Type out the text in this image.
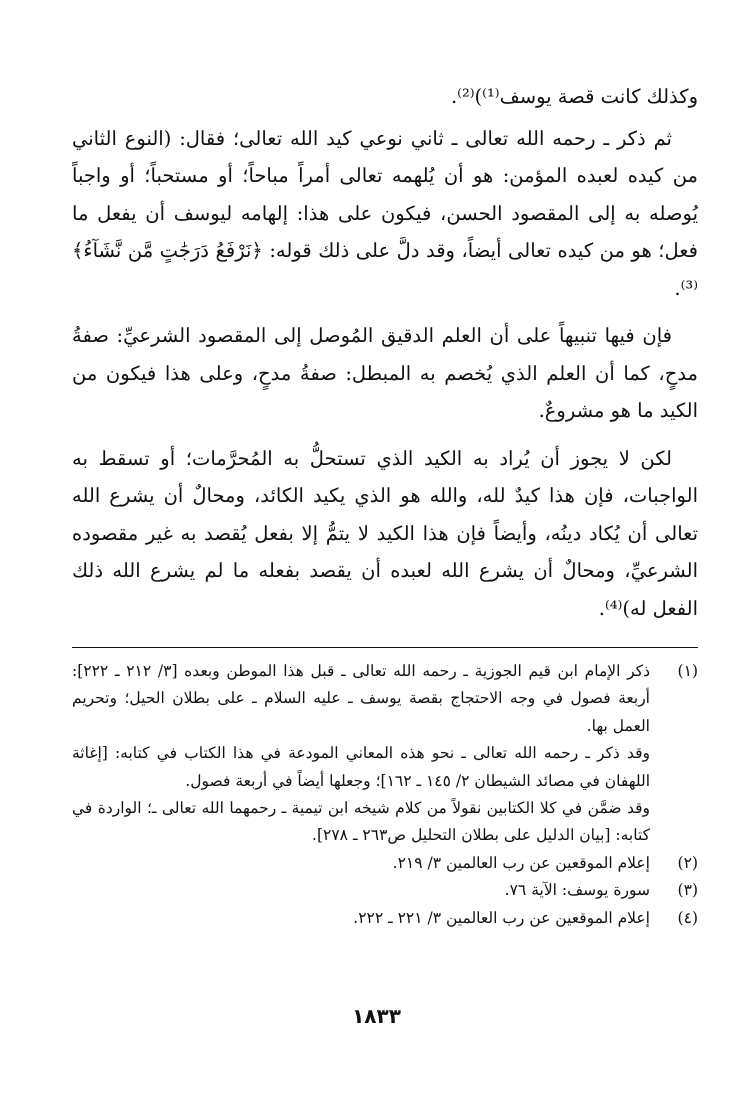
وكذلك كانت قصة يوسف⁽¹⁾)⁽²⁾.

ثم ذكر ـ رحمه الله تعالى ـ ثاني نوعي كيد الله تعالى؛ فقال: (النوع الثاني من كيده لعبده المؤمن: هو أن يُلهمه تعالى أمراً مباحاً؛ أو مستحباً؛ أو واجباً يُوصله به إلى المقصود الحسن، فيكون على هذا: إلهامه ليوسف أن يفعل ما فعل؛ هو من كيده تعالى أيضاً، وقد دلَّ على ذلك قوله: ﴿نَرْفَعُ دَرَجَٰتٍ مَّن نَّشَآءُ﴾⁽³⁾.

فإن فيها تنبيهاً على أن العلم الدقيق المُوصل إلى المقصود الشرعيِّ: صفةُ مدحٍ، كما أن العلم الذي يُخصم به المبطل: صفةُ مدحٍ، وعلى هذا فيكون من الكيد ما هو مشروعٌ.

لكن لا يجوز أن يُراد به الكيد الذي تستحلُّ به المُحرَّمات؛ أو تسقط به الواجبات، فإن هذا كيدٌ لله، والله هو الذي يكيد الكائد، ومحالٌ أن يشرع الله تعالى أن يُكاد دينُه، وأيضاً فإن هذا الكيد لا يتمُّ إلا بفعل يُقصد به غير مقصوده الشرعيِّ، ومحالٌ أن يشرع الله لعبده أن يقصد بفعله ما لم يشرع الله ذلك الفعل له)⁽⁴⁾.

(١)
ذكر الإمام ابن قيم الجوزية ـ رحمه الله تعالى ـ قبل هذا الموطن وبعده [٣/ ٢١٢ ـ ٢٢٢]: أربعة فصول في وجه الاحتجاج بقصة يوسف ـ عليه السلام ـ على بطلان الحيل؛ وتحريم العمل بها.

وقد ذكر ـ رحمه الله تعالى ـ نحو هذه المعاني المودعة في هذا الكتاب في كتابه: [إغاثة اللهفان في مصائد الشيطان ٢/ ١٤٥ ـ ١٦٢]؛ وجعلها أيضاً في أربعة فصول.

وقد ضمَّن في كلا الكتابين نقولاً من كلام شيخه ابن تيمية ـ رحمهما الله تعالى ـ؛ الواردة في كتابه: [بيان الدليل على بطلان التحليل ص٢٦٣ ـ ٢٧٨].

(٢)
إعلام الموقعين عن رب العالمين ٣/ ٢١٩.

(٣)
سورة يوسف: الآية ٧٦.

(٤)
إعلام الموقعين عن رب العالمين ٣/ ٢٢١ ـ ٢٢٢.

١٨٣٣
